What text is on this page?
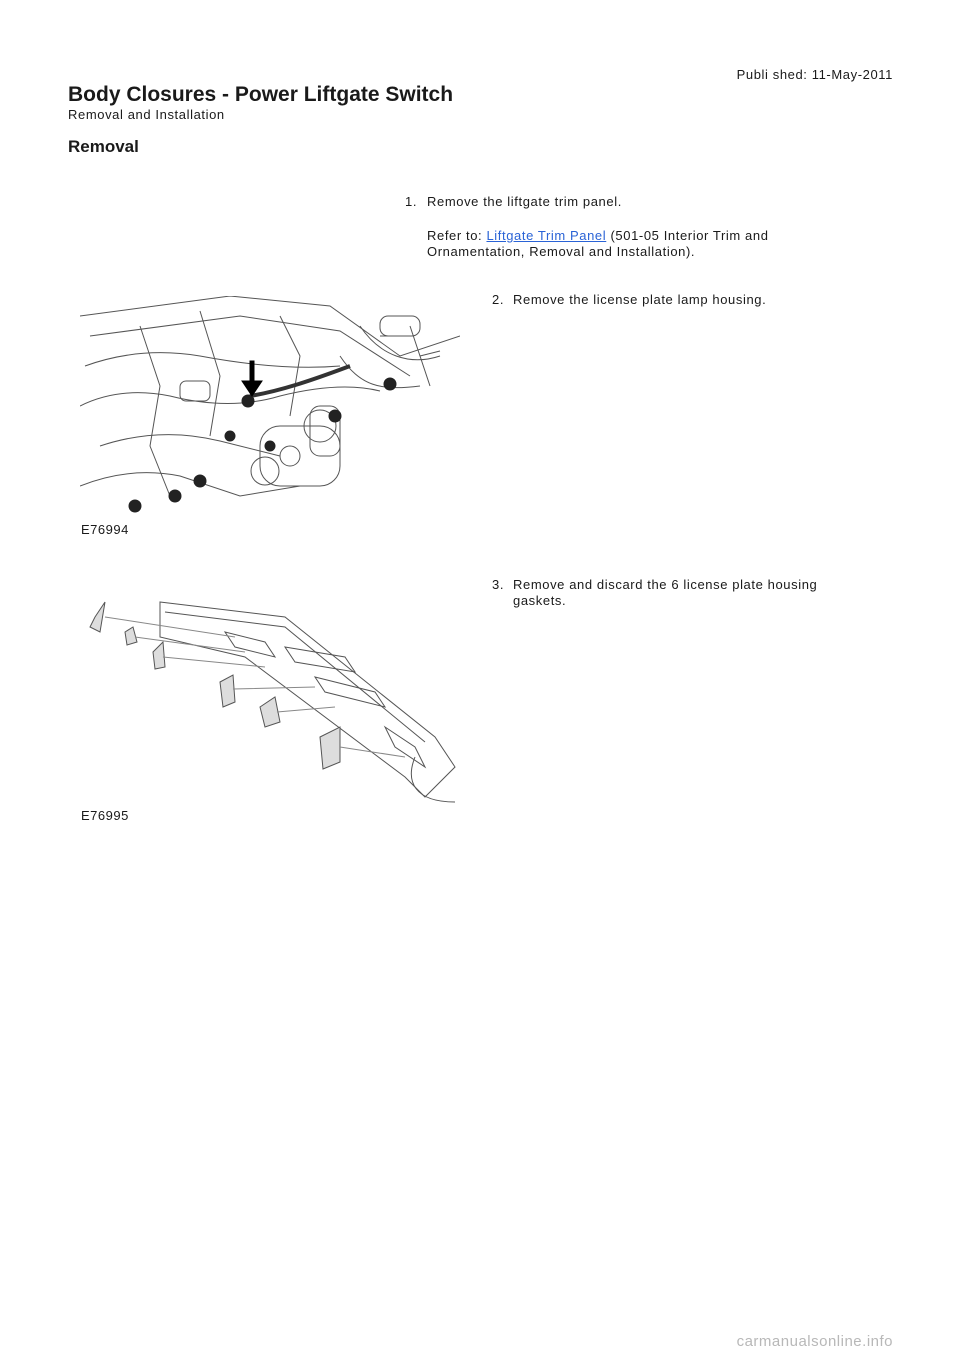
Publi shed: 11-May-2011
Body Closures - Power Liftgate Switch
Removal and Installation
Removal
1. Remove the liftgate trim panel.
Refer to: Liftgate Trim Panel (501-05 Interior Trim and Ornamentation, Removal and Installation).
2. Remove the license plate lamp housing.
E76994
3. Remove and discard the 6 license plate housing gaskets.
E76995
carmanualsonline.info
